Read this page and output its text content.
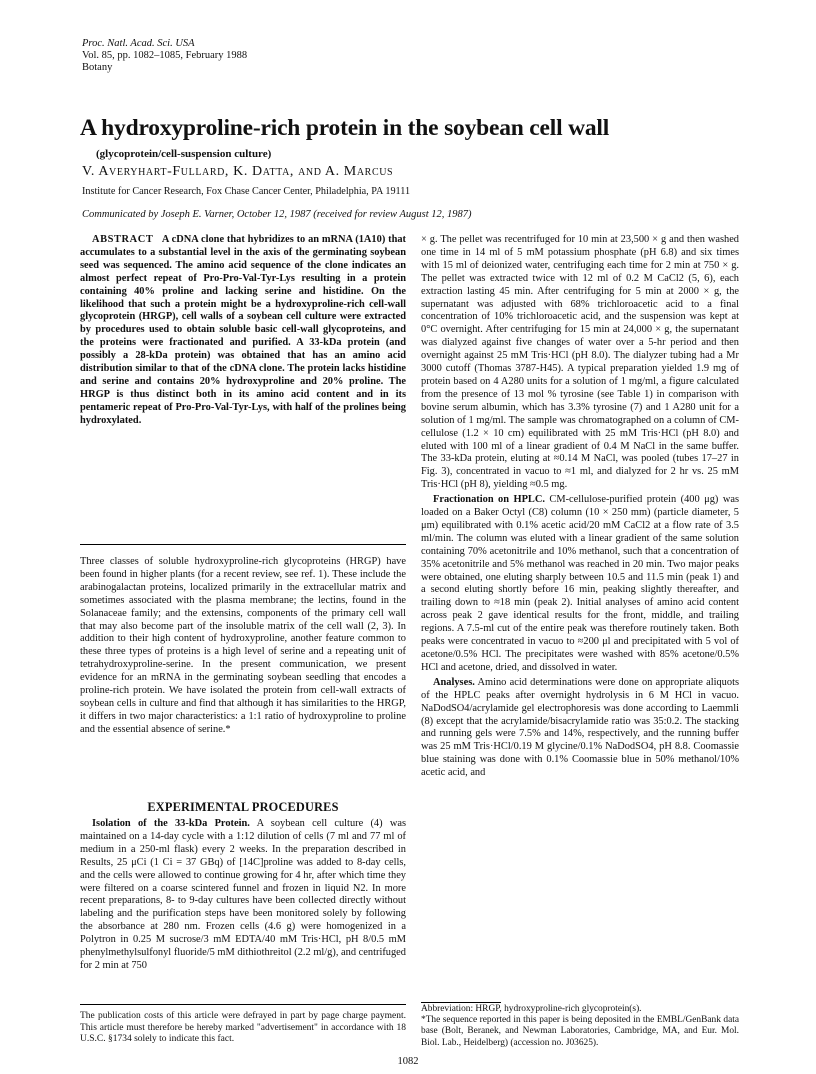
Proc. Natl. Acad. Sci. USA
Vol. 85, pp. 1082–1085, February 1988
Botany
A hydroxyproline-rich protein in the soybean cell wall
(glycoprotein/cell-suspension culture)
V. Averyhart-Fullard, K. Datta, and A. Marcus
Institute for Cancer Research, Fox Chase Cancer Center, Philadelphia, PA 19111
Communicated by Joseph E. Varner, October 12, 1987 (received for review August 12, 1987)

ABSTRACT A cDNA clone that hybridizes to an mRNA (1A10) that accumulates to a substantial level in the axis of the germinating soybean seed was sequenced. The amino acid sequence of the clone indicates an almost perfect repeat of Pro-Pro-Val-Tyr-Lys resulting in a protein containing 40% proline and lacking serine and histidine. On the likelihood that such a protein might be a hydroxyproline-rich cell-wall glycoprotein (HRGP), cell walls of a soybean cell culture were extracted by procedures used to obtain soluble basic cell-wall glycoproteins, and the proteins were fractionated and purified. A 33-kDa protein (and possibly a 28-kDa protein) was obtained that has an amino acid distribution similar to that of the cDNA clone. The protein lacks histidine and serine and contains 20% hydroxyproline and 20% proline. The HRGP is thus distinct both in its amino acid content and in its pentameric repeat of Pro-Pro-Val-Tyr-Lys, with half of the prolines being hydroxylated.

Three classes of soluble hydroxyproline-rich glycoproteins (HRGP) have been found in higher plants (for a recent review, see ref. 1). These include the arabinogalactan proteins, localized primarily in the extracellular matrix and sometimes associated with the plasma membrane; the lectins, found in the Solanaceae family; and the extensins, components of the primary cell wall that may also become part of the insoluble matrix of the cell wall (2, 3). In addition to their high content of hydroxyproline, another feature common to these three types of proteins is a high level of serine and a repeating unit of tetrahydroxyproline-serine. In the present communication, we present evidence for an mRNA in the germinating soybean seedling that encodes a proline-rich protein. We have isolated the protein from cell-wall extracts of soybean cells in culture and find that although it has similarities to the HRGP, it differs in two major characteristics: a 1:1 ratio of hydroxyproline to proline and the essential absence of serine.*

EXPERIMENTAL PROCEDURES

Isolation of the 33-kDa Protein. A soybean cell culture (4) was maintained on a 14-day cycle with a 1:12 dilution of cells (7 ml and 77 ml of medium in a 250-ml flask) every 2 weeks. In the preparation described in Results, 25 μCi (1 Ci = 37 GBq) of [14C]proline was added to 8-day cells, and the cells were allowed to continue growing for 4 hr, after which time they were filtered on a coarse scintered funnel and frozen in liquid N2. In more recent preparations, 8- to 9-day cultures have been collected directly without labeling and the purification steps have been monitored solely by following the absorbance at 280 nm. Frozen cells (4.6 g) were homogenized in a Polytron in 0.25 M sucrose/3 mM EDTA/40 mM Tris·HCl, pH 8/0.5 mM phenylmethylsulfonyl fluoride/5 mM dithiothreitol (2.2 ml/g), and centrifuged for 2 min at 750

The publication costs of this article were defrayed in part by page charge payment. This article must therefore be hereby marked "advertisement" in accordance with 18 U.S.C. §1734 solely to indicate this fact.

× g. The pellet was recentrifuged for 10 min at 23,500 × g and then washed one time in 14 ml of 5 mM potassium phosphate (pH 6.8) and six times with 15 ml of deionized water, centrifuging each time for 2 min at 750 × g. The pellet was extracted twice with 12 ml of 0.2 M CaCl2 (5, 6), each extraction lasting 45 min. After centrifuging for 5 min at 2000 × g, the supernatant was adjusted with 68% trichloroacetic acid to a final concentration of 10% trichloroacetic acid, and the suspension was kept at 0°C overnight. After centrifuging for 15 min at 24,000 × g, the supernatant was dialyzed against five changes of water over a 5-hr period and then overnight against 25 mM Tris·HCl (pH 8.0). The dialyzer tubing had a Mr 3000 cutoff (Thomas 3787-H45). A typical preparation yielded 1.9 mg of protein based on 4 A280 units for a solution of 1 mg/ml, a figure calculated from the presence of 13 mol % tyrosine (see Table 1) in comparison with bovine serum albumin, which has 3.3% tyrosine (7) and 1 A280 unit for a solution of 1 mg/ml. The sample was chromatographed on a column of CM-cellulose (1.2 × 10 cm) equilibrated with 25 mM Tris·HCl (pH 8.0) and eluted with 100 ml of a linear gradient of 0.4 M NaCl in the same buffer. The 33-kDa protein, eluting at ≈0.14 M NaCl, was pooled (tubes 17–27 in Fig. 3), concentrated in vacuo to ≈1 ml, and dialyzed for 2 hr vs. 25 mM Tris·HCl (pH 8), yielding ≈0.5 mg.

Fractionation on HPLC. CM-cellulose-purified protein (400 μg) was loaded on a Baker Octyl (C8) column (10 × 250 mm) (particle diameter, 5 μm) equilibrated with 0.1% acetic acid/20 mM CaCl2 at a flow rate of 3.5 ml/min. The column was eluted with a linear gradient of the same solution containing 70% acetonitrile and 10% methanol, such that a concentration of 35% acetonitrile and 5% methanol was reached in 20 min. Two major peaks were obtained, one eluting sharply between 10.5 and 11.5 min (peak 1) and a second eluting shortly before 16 min, peaking slightly thereafter, and trailing down to ≈18 min (peak 2). Initial analyses of amino acid content across peak 2 gave identical results for the front, middle, and trailing regions. A 7.5-ml cut of the entire peak was therefore routinely taken. Both peaks were concentrated in vacuo to ≈200 μl and precipitated with 5 vol of acetone/0.5% HCl. The precipitates were washed with 85% acetone/0.5% HCl and acetone, dried, and dissolved in water.

Analyses. Amino acid determinations were done on appropriate aliquots of the HPLC peaks after overnight hydrolysis in 6 M HCl in vacuo. NaDodSO4/acrylamide gel electrophoresis was done according to Laemmli (8) except that the acrylamide/bisacrylamide ratio was 35:0.2. The stacking and running gels were 7.5% and 14%, respectively, and the running buffer was 25 mM Tris·HCl/0.19 M glycine/0.1% NaDodSO4, pH 8.8. Coomassie blue staining was done with 0.1% Coomassie blue in 50% methanol/10% acetic acid, and

Abbreviation: HRGP, hydroxyproline-rich glycoprotein(s).

*The sequence reported in this paper is being deposited in the EMBL/GenBank data base (Bolt, Beranek, and Newman Laboratories, Cambridge, MA, and Eur. Mol. Biol. Lab., Heidelberg) (accession no. J03625).

1082
